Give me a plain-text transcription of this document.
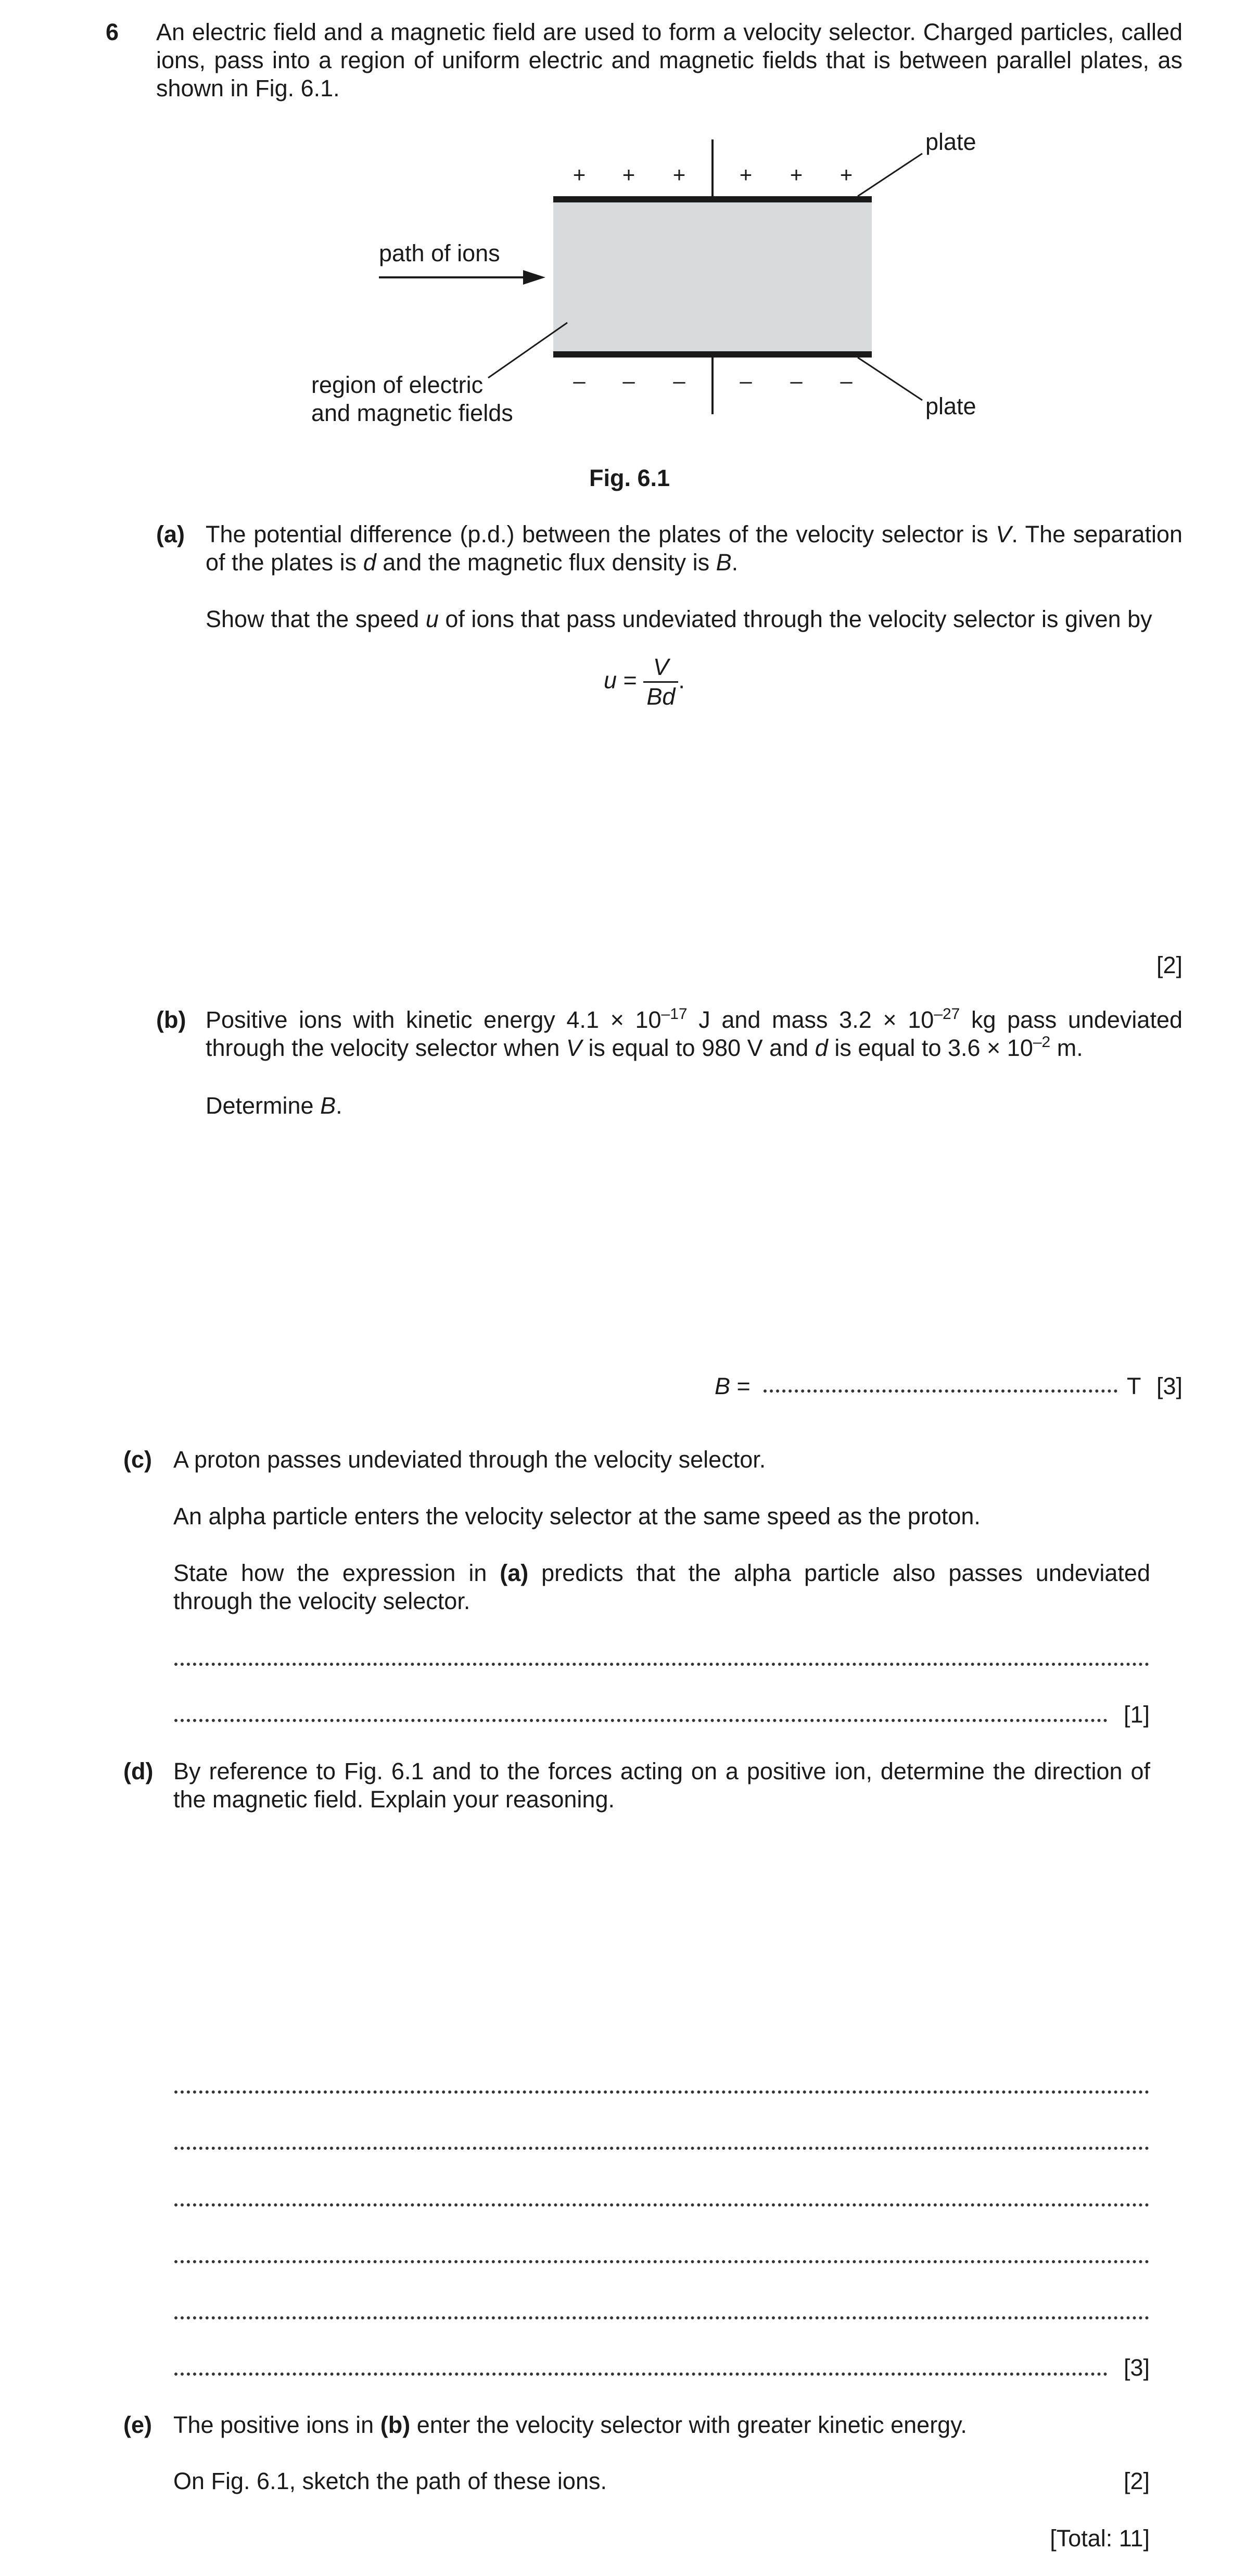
6 An electric field and a magnetic field are used to form a velocity selector. Charged particles, called ions, pass into a region of uniform electric and magnetic fields that is between parallel plates, as shown in Fig. 6.1.
+ + + + + +
– – – – – –
plate
plate
path of ions
region of electric
and magnetic fields
Fig. 6.1
(a) The potential difference (p.d.) between the plates of the velocity selector is V. The separation of the plates is d and the magnetic flux density is B.
Show that the speed u of ions that pass undeviated through the velocity selector is given by
$u = \frac{V}{Bd}$ .
[2]
(b) Positive ions with kinetic energy $4.1 \times 10^{-17}$ J and mass $3.2 \times 10^{-27}$ kg pass undeviated through the velocity selector when V is equal to 980 V and d is equal to $3.6 \times 10^{-2}$ m.
Determine B.
B =	T [3]
(c) A proton passes undeviated through the velocity selector.
An alpha particle enters the velocity selector at the same speed as the proton.
State how the expression in (a) predicts that the alpha particle also passes undeviated through the velocity selector.
[1]
(d) By reference to Fig. 6.1 and to the forces acting on a positive ion, determine the direction of the magnetic field. Explain your reasoning.
[3]
(e) The positive ions in (b) enter the velocity selector with greater kinetic energy.
On Fig. 6.1, sketch the path of these ions.	[2]
[Total: 11]
